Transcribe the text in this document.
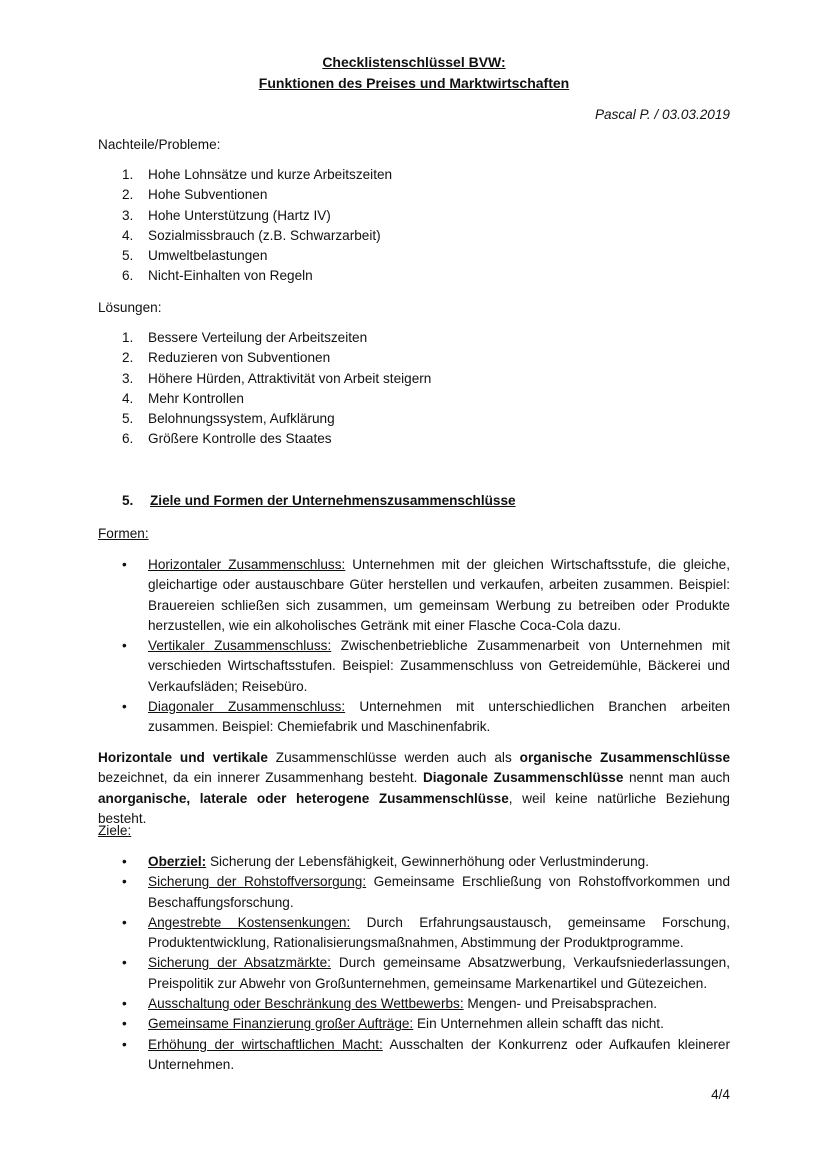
Checklistenschlüssel BVW:
Funktionen des Preises und Marktwirtschaften
Pascal P. / 03.03.2019
Nachteile/Probleme:
1. Hohe Lohnsätze und kurze Arbeitszeiten
2. Hohe Subventionen
3. Hohe Unterstützung (Hartz IV)
4. Sozialmissbrauch (z.B. Schwarzarbeit)
5. Umweltbelastungen
6. Nicht-Einhalten von Regeln
Lösungen:
1. Bessere Verteilung der Arbeitszeiten
2. Reduzieren von Subventionen
3. Höhere Hürden, Attraktivität von Arbeit steigern
4. Mehr Kontrollen
5. Belohnungssystem, Aufklärung
6. Größere Kontrolle des Staates
5. Ziele und Formen der Unternehmenszusammenschlüsse
Formen:
• Horizontaler Zusammenschluss: Unternehmen mit der gleichen Wirtschaftsstufe, die gleiche, gleichartige oder austauschbare Güter herstellen und verkaufen, arbeiten zusammen. Beispiel: Brauereien schließen sich zusammen, um gemeinsam Werbung zu betreiben oder Produkte herzustellen, wie ein alkoholisches Getränk mit einer Flasche Coca-Cola dazu.
• Vertikaler Zusammenschluss: Zwischenbetriebliche Zusammenarbeit von Unternehmen mit verschieden Wirtschaftsstufen. Beispiel: Zusammenschluss von Getreidemühle, Bäckerei und Verkaufsläden; Reisebüro.
• Diagonaler Zusammenschluss: Unternehmen mit unterschiedlichen Branchen arbeiten zusammen. Beispiel: Chemiefabrik und Maschinenfabrik.
Horizontale und vertikale Zusammenschlüsse werden auch als organische Zusammenschlüsse bezeichnet, da ein innerer Zusammenhang besteht. Diagonale Zusammenschlüsse nennt man auch anorganische, laterale oder heterogene Zusammenschlüsse, weil keine natürliche Beziehung besteht.
Ziele:
• Oberziel: Sicherung der Lebensfähigkeit, Gewinnerhöhung oder Verlustminderung.
• Sicherung der Rohstoffversorgung: Gemeinsame Erschließung von Rohstoffvorkommen und Beschaffungsforschung.
• Angestrebte Kostensenkungen: Durch Erfahrungsaustausch, gemeinsame Forschung, Produktentwicklung, Rationalisierungsmaßnahmen, Abstimmung der Produktprogramme.
• Sicherung der Absatzmärkte: Durch gemeinsame Absatzwerbung, Verkaufsniederlassungen, Preispolitik zur Abwehr von Großunternehmen, gemeinsame Markenartikel und Gütezeichen.
• Ausschaltung oder Beschränkung des Wettbewerbs: Mengen- und Preisabsprachen.
• Gemeinsame Finanzierung großer Aufträge: Ein Unternehmen allein schafft das nicht.
• Erhöhung der wirtschaftlichen Macht: Ausschalten der Konkurrenz oder Aufkaufen kleinerer Unternehmen.
4/4
